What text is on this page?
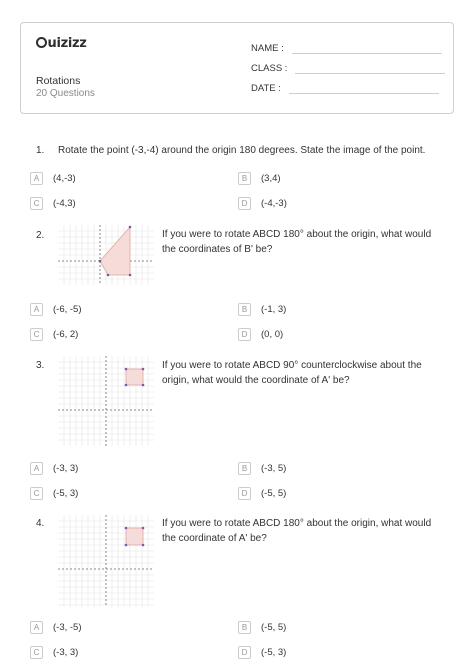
uizizz
Rotations
20 Questions
NAME :
CLASS :
DATE :
1. Rotate the point (-3,-4) around the origin 180 degrees. State the image of the point.
A	(4,-3)	B	(3,4)
C	(-4,3)	D	(-4,-3)
2.	If you were to rotate ABCD 180° about the origin, what would
the coordinates of B' be?
A	(-6, -5)	B	(-1, 3)
C	(-6, 2)	D	(0, 0)
3.	If you were to rotate ABCD 90° counterclockwise about the
origin, what would the coordinate of A' be?
A	(-3, 3)	B	(-3, 5)
C	(-5, 3)	D	(-5, 5)
4.	If you were to rotate ABCD 180° about the origin, what would
the coordinate of A' be?
A	(-3, -5)	B	(-5, 5)
C	(-3, 3)	D	(-5, 3)
